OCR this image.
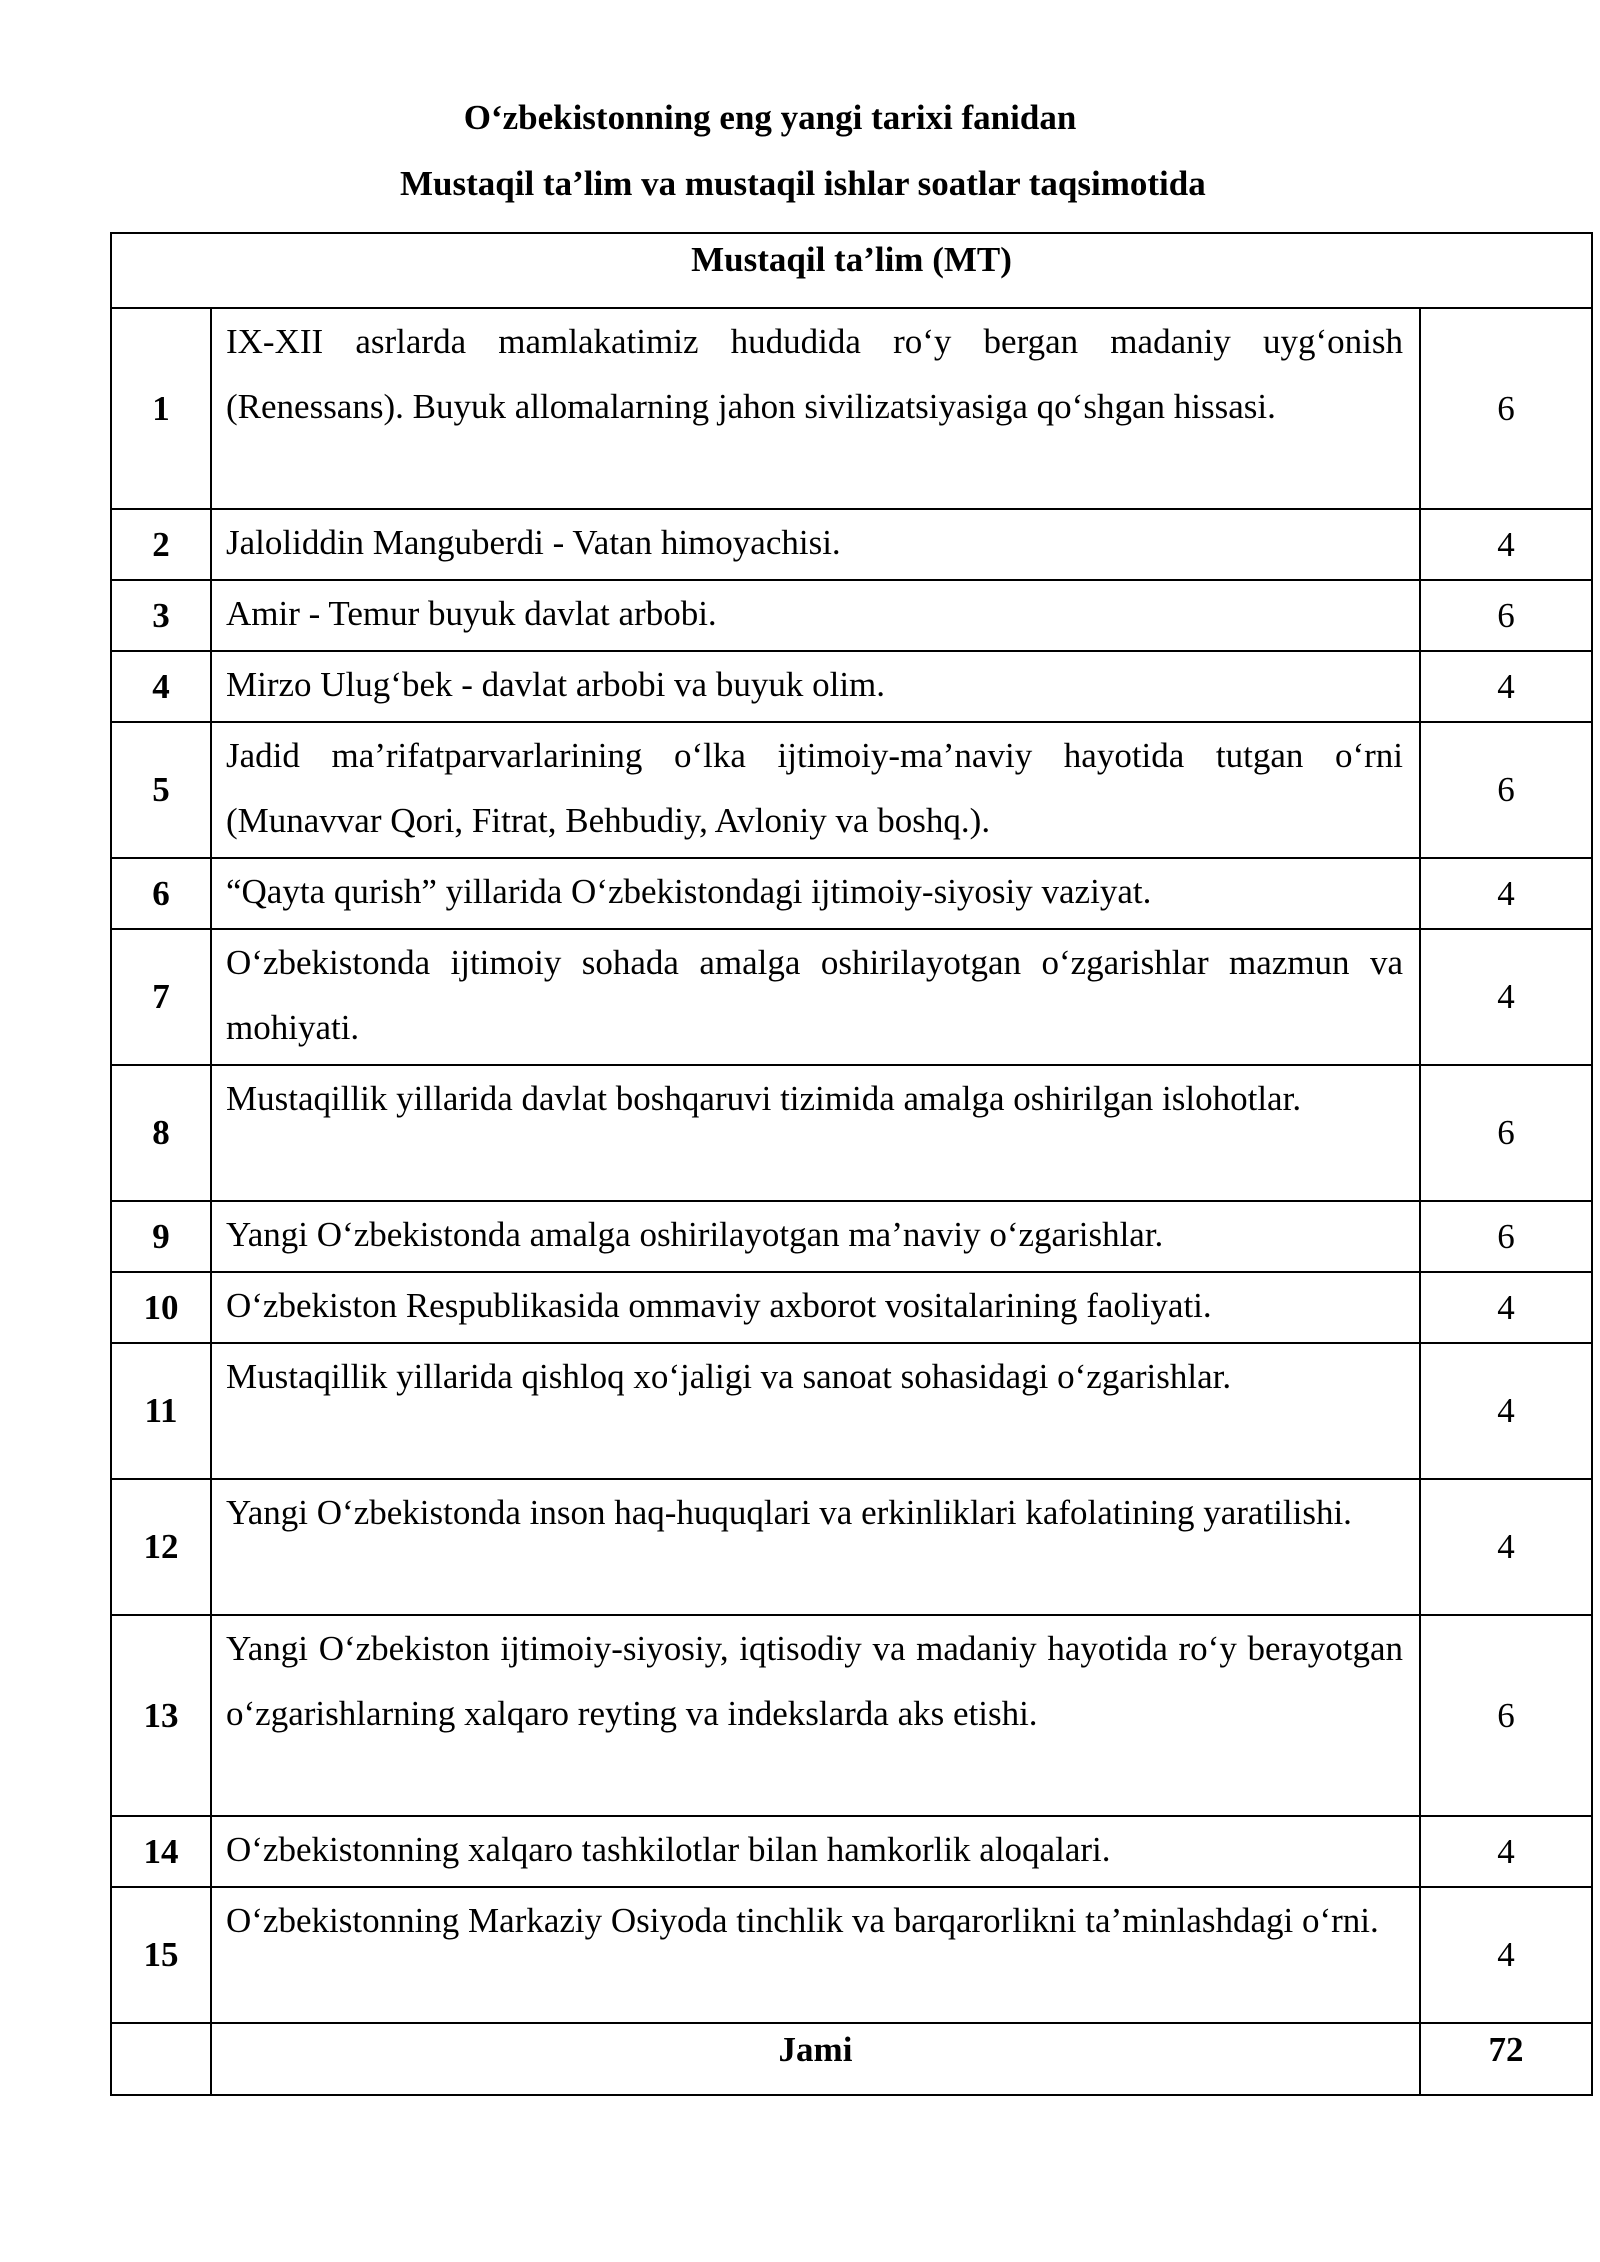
O‘zbekistonning eng yangi tarixi fanidan
Mustaqil ta’lim va mustaqil ishlar soatlar taqsimotida
Mustaqil ta’lim (MT)		
1	IX-XII asrlarda mamlakatimiz hududida ro‘y bergan madaniy uyg‘onish (Renessans). Buyuk allomalarning jahon sivilizatsiyasiga qo‘shgan hissasi.	6
2	Jaloliddin Manguberdi - Vatan himoyachisi.	4
3	Amir - Temur buyuk davlat arbobi.	6
4	Mirzo Ulug‘bek - davlat arbobi va buyuk olim.	4
5	Jadid ma’rifatparvarlarining o‘lka ijtimoiy-ma’naviy hayotida tutgan o‘rni (Munavvar Qori, Fitrat, Behbudiy, Avloniy va boshq.).	6
6	“Qayta qurish” yillarida O‘zbekistondagi ijtimoiy-siyosiy vaziyat.	4
7	O‘zbekistonda ijtimoiy sohada amalga oshirilayotgan o‘zgarishlar mazmun va mohiyati.	4
8	Mustaqillik yillarida davlat boshqaruvi tizimida amalga oshirilgan islohotlar.	6
9	Yangi O‘zbekistonda amalga oshirilayotgan ma’naviy o‘zgarishlar.	6
10	O‘zbekiston Respublikasida ommaviy axborot vositalarining faoliyati.	4
11	Mustaqillik yillarida qishloq xo‘jaligi va sanoat sohasidagi o‘zgarishlar.	4
12	Yangi O‘zbekistonda inson haq-huquqlari va erkinliklari kafolatining yaratilishi.	4
13	Yangi O‘zbekiston ijtimoiy-siyosiy, iqtisodiy va madaniy hayotida ro‘y berayotgan o‘zgarishlarning xalqaro reyting va indekslarda aks etishi.	6
14	O‘zbekistonning xalqaro tashkilotlar bilan hamkorlik aloqalari.	4
15	O‘zbekistonning Markaziy Osiyoda tinchlik va barqarorlikni ta’minlashdagi o‘rni.	4
	Jami	72
